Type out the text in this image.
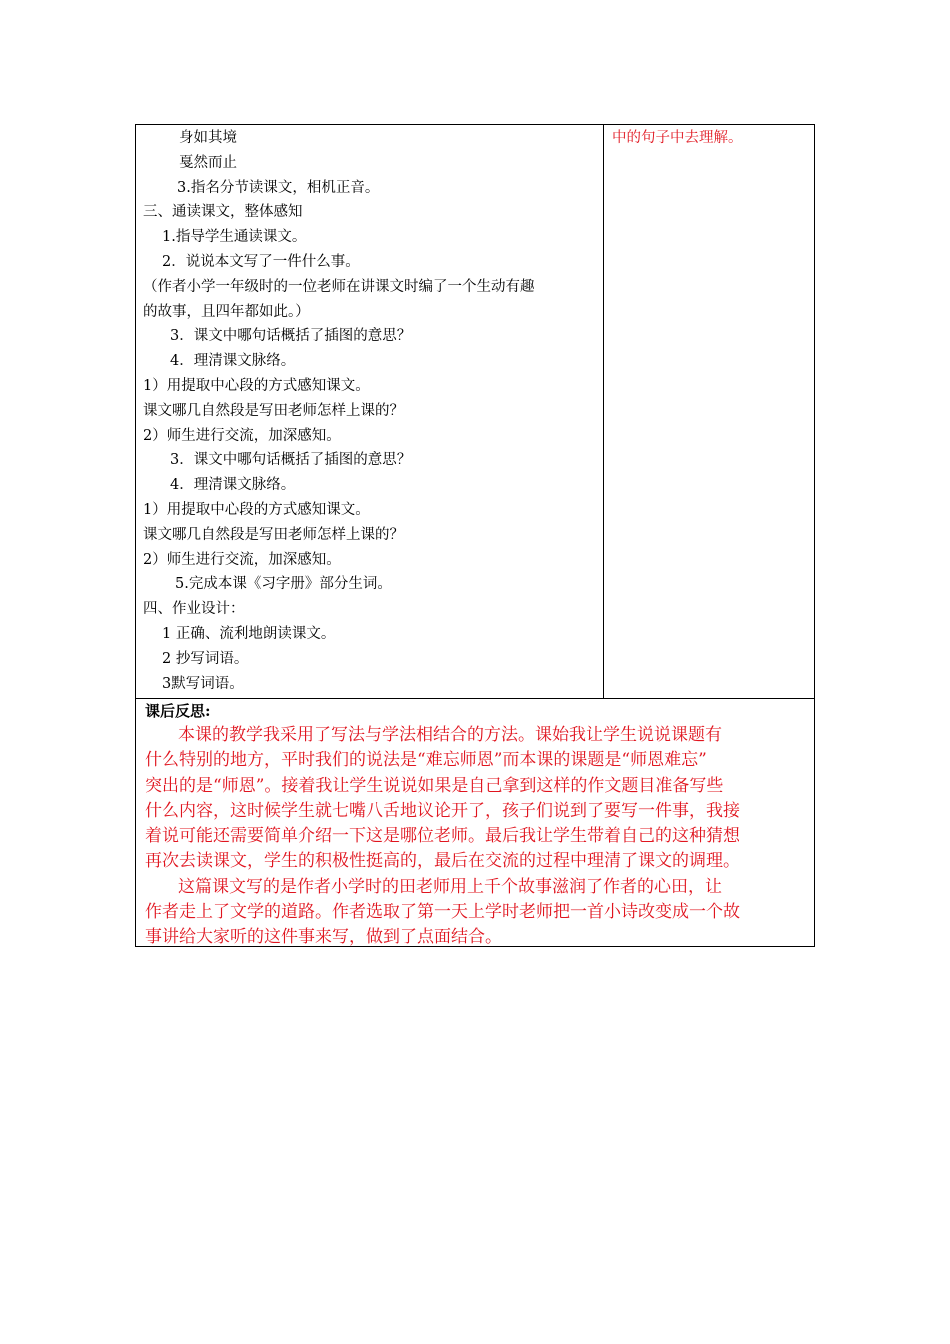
身如其境
戛然而止
3.指名分节读课文，相机正音。
三、通读课文，整体感知
1.指导学生通读课文。
2．说说本文写了一件什么事。
（作者小学一年级时的一位老师在讲课文时编了一个生动有趣
的故事，且四年都如此。）
3．课文中哪句话概括了插图的意思？
4．理清课文脉络。
1）用提取中心段的方式感知课文。
课文哪几自然段是写田老师怎样上课的？
2）师生进行交流，加深感知。
3．课文中哪句话概括了插图的意思？
4．理清课文脉络。
1）用提取中心段的方式感知课文。
课文哪几自然段是写田老师怎样上课的？
2）师生进行交流，加深感知。
5.完成本课《习字册》部分生词。
四、作业设计：
1 正确、流利地朗读课文。
2 抄写词语。
3默写词语。
中的句子中去理解。
课后反思:
本课的教学我采用了写法与学法相结合的方法。课始我让学生说说课题有
什么特别的地方，平时我们的说法是“难忘师恩”而本课的课题是“师恩难忘”
突出的是“师恩”。接着我让学生说说如果是自己拿到这样的作文题目准备写些
什么内容，这时候学生就七嘴八舌地议论开了，孩子们说到了要写一件事，我接
着说可能还需要简单介绍一下这是哪位老师。最后我让学生带着自己的这种猜想
再次去读课文，学生的积极性挺高的，最后在交流的过程中理清了课文的调理。
这篇课文写的是作者小学时的田老师用上千个故事滋润了作者的心田，让
作者走上了文学的道路。作者选取了第一天上学时老师把一首小诗改变成一个故
事讲给大家听的这件事来写，做到了点面结合。
